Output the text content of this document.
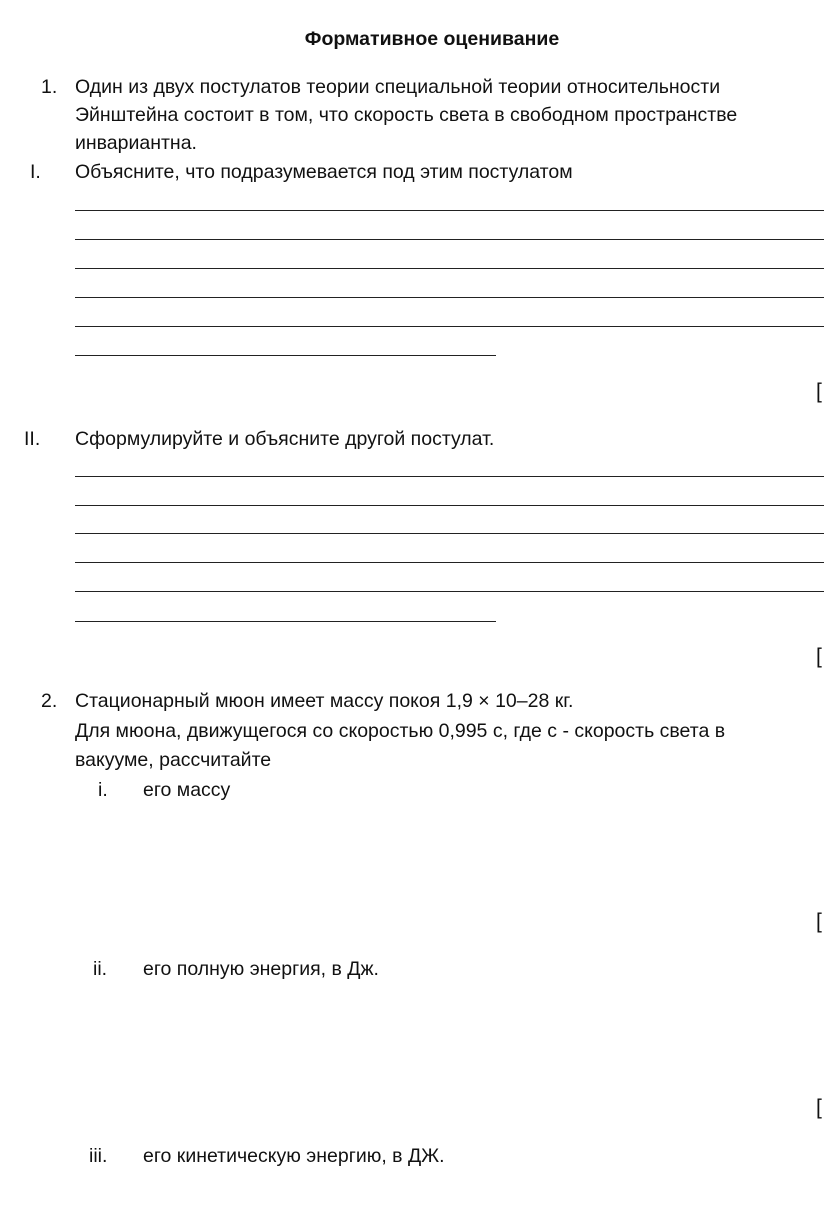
Формативное оценивание
1. Один из двух постулатов теории специальной теории относительности
Эйнштейна состоит в том, что скорость света в свободном пространстве
инвариантна.
I. Объясните, что подразумевается под этим постулатом
[
II. Сформулируйте и объясните другой постулат.
[
2. Стационарный мюон имеет массу покоя 1,9 × 10–28 кг.
Для мюона, движущегося со скоростью 0,995 с, где с - скорость света в
вакууме, рассчитайте
i. его массу
[
ii. его полную энергия, в Дж.
[
iii. его кинетическую энергию, в ДЖ.
